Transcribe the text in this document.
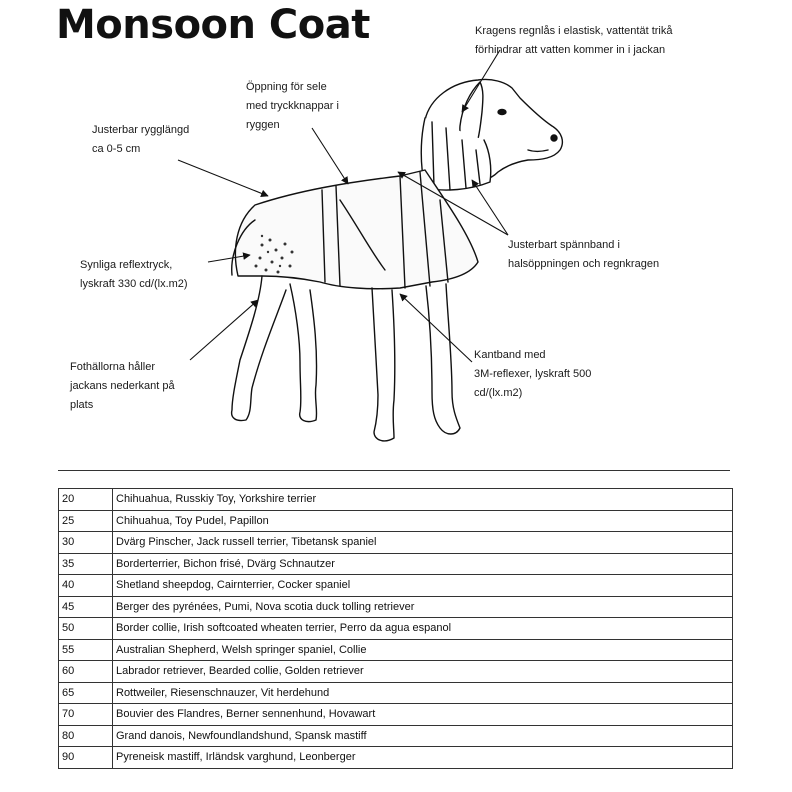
Monsoon Coat	Kragens regnlås i elastisk, vattentät trikå
förhindrar att vatten kommer in i jackan
Öppning för sele
med tryckknappar i
ryggen
Justerbar rygglängd
ca 0-5 cm
Justerbart spännband i
halsöppningen och regnkragen
Synliga reflextryck,
lyskraft 330 cd/(lx.m2)
Kantband med
3M-reflexer, lyskraft 500
cd/(lx.m2)
Fothällorna håller
jackans nederkant på
plats
20	Chihuahua, Russkiy Toy, Yorkshire terrier
25	Chihuahua, Toy Pudel, Papillon
30	Dvärg Pinscher, Jack russell terrier, Tibetansk spaniel
35	Borderterrier, Bichon frisé, Dvärg Schnautzer
40	Shetland sheepdog, Cairnterrier, Cocker spaniel
45	Berger des pyrénées, Pumi, Nova scotia duck tolling retriever
50	Border collie, Irish softcoated wheaten terrier, Perro da agua espanol
55	Australian Shepherd, Welsh springer spaniel, Collie
60	Labrador retriever, Bearded collie, Golden retriever
65	Rottweiler, Riesenschnauzer, Vit herdehund
70	Bouvier des Flandres, Berner sennenhund, Hovawart
80	Grand danois, Newfoundlandshund, Spansk mastiff
90	Pyreneisk mastiff, Irländsk varghund, Leonberger
